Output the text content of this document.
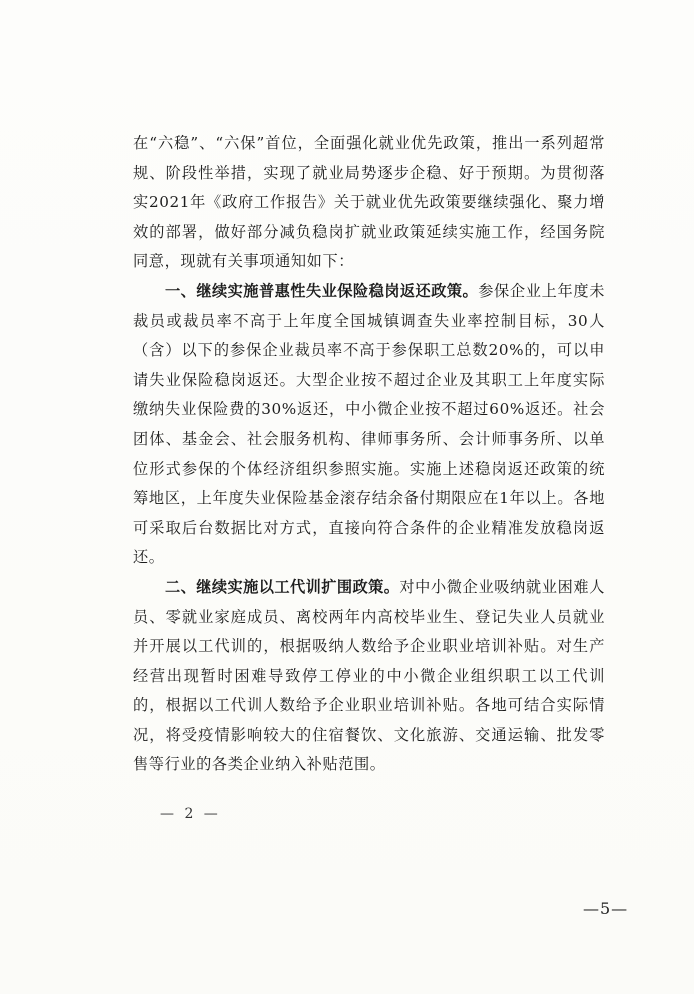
在“六稳”、“六保”首位，全面强化就业优先政策，推出一系列超常规、阶段性举措，实现了就业局势逐步企稳、好于预期。为贯彻落实2021年《政府工作报告》关于就业优先政策要继续强化、聚力增效的部署，做好部分减负稳岗扩就业政策延续实施工作，经国务院同意，现就有关事项通知如下：

一、继续实施普惠性失业保险稳岗返还政策。参保企业上年度未裁员或裁员率不高于上年度全国城镇调查失业率控制目标，30人（含）以下的参保企业裁员率不高于参保职工总数20%的，可以申请失业保险稳岗返还。大型企业按不超过企业及其职工上年度实际缴纳失业保险费的30%返还，中小微企业按不超过60%返还。社会团体、基金会、社会服务机构、律师事务所、会计师事务所、以单位形式参保的个体经济组织参照实施。实施上述稳岗返还政策的统筹地区，上年度失业保险基金滚存结余备付期限应在1年以上。各地可采取后台数据比对方式，直接向符合条件的企业精准发放稳岗返还。

二、继续实施以工代训扩围政策。对中小微企业吸纳就业困难人员、零就业家庭成员、离校两年内高校毕业生、登记失业人员就业并开展以工代训的，根据吸纳人数给予企业职业培训补贴。对生产经营出现暂时困难导致停工停业的中小微企业组织职工以工代训的，根据以工代训人数给予企业职业培训补贴。各地可结合实际情况，将受疫情影响较大的住宿餐饮、文化旅游、交通运输、批发零售等行业的各类企业纳入补贴范围。

— 2 —
—5—
